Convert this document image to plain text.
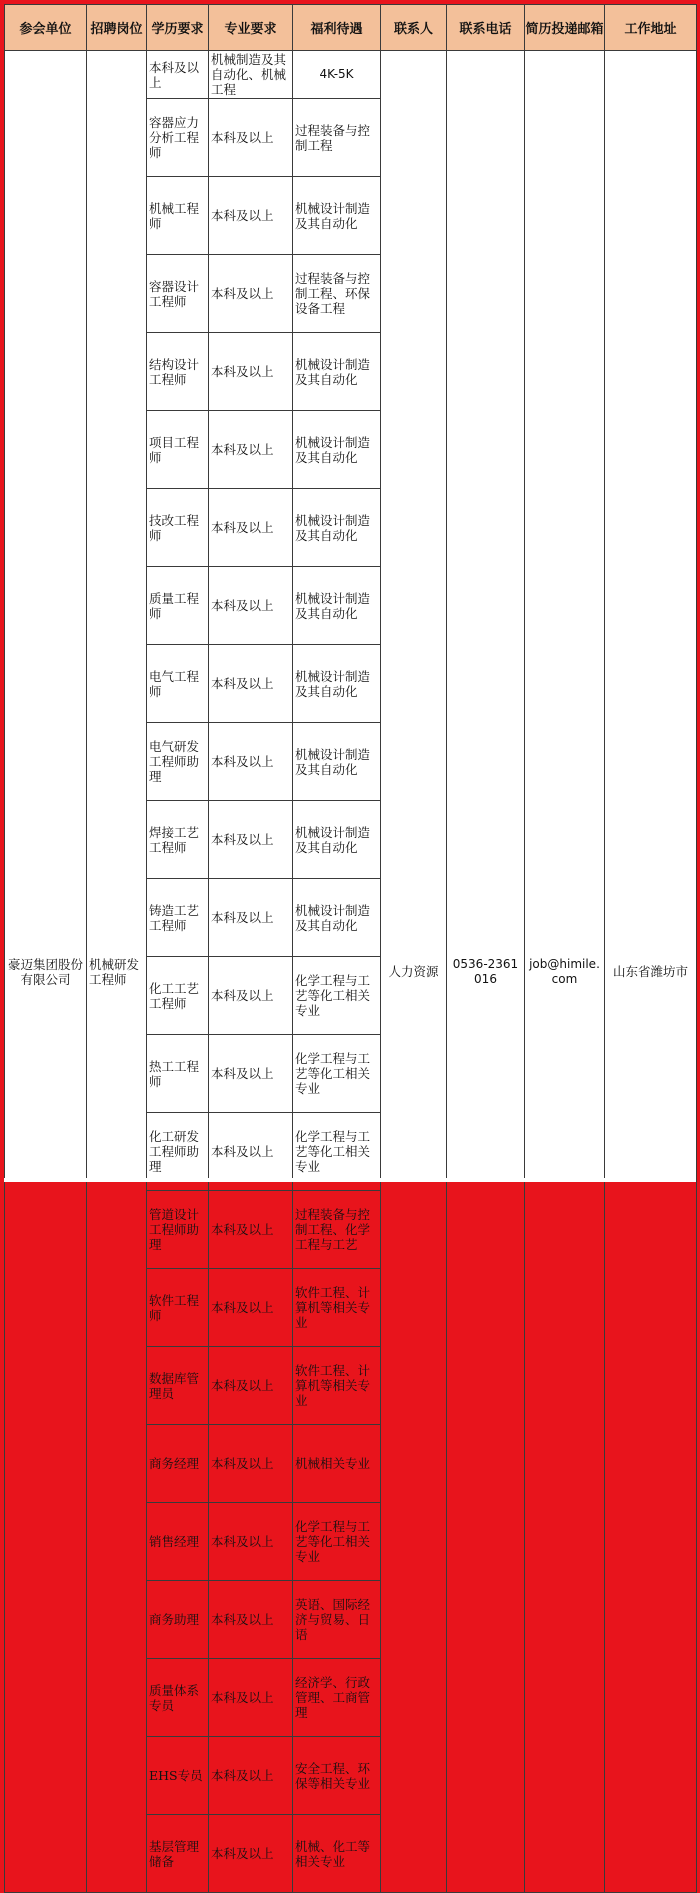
参会单位	招聘岗位	学历要求	专业要求	福利待遇	联系人	联系电话	简历投递邮箱	工作地址	
豪迈集团股份有限公司	机械研发工程师	本科及以上	机械制造及其自动化、机械工程	4K-5K	人力资源	0536-2361016	job@himile.com	山东省潍坊市	
		容器应力分析工程师	本科及以上	过程装备与控制工程	
		机械工程师	本科及以上	机械设计制造及其自动化	
		容器设计工程师	本科及以上	过程装备与控制工程、环保设备工程	
		结构设计工程师	本科及以上	机械设计制造及其自动化	
		项目工程师	本科及以上	机械设计制造及其自动化	
		技改工程师	本科及以上	机械设计制造及其自动化	
		质量工程师	本科及以上	机械设计制造及其自动化	
		电气工程师	本科及以上	机械设计制造及其自动化	
		电气研发工程师助理	本科及以上	机械设计制造及其自动化	
		焊接工艺工程师	本科及以上	机械设计制造及其自动化	
		铸造工艺工程师	本科及以上	机械设计制造及其自动化	
		化工工艺工程师	本科及以上	化学工程与工艺等化工相关专业	
		热工工程师	本科及以上	化学工程与工艺等化工相关专业	
		化工研发工程师助理	本科及以上	化学工程与工艺等化工相关专业	
		管道设计工程师助理	本科及以上	过程装备与控制工程、化学工程与工艺	
		软件工程师	本科及以上	软件工程、计算机等相关专业	
		数据库管理员	本科及以上	软件工程、计算机等相关专业	
		商务经理	本科及以上	机械相关专业	
		销售经理	本科及以上	化学工程与工艺等化工相关专业	
		商务助理	本科及以上	英语、国际经济与贸易、日语	
		质量体系专员	本科及以上	经济学、行政管理、工商管理	
		EHS专员	本科及以上	安全工程、环保等相关专业	
		基层管理储备	本科及以上	机械、化工等相关专业	
